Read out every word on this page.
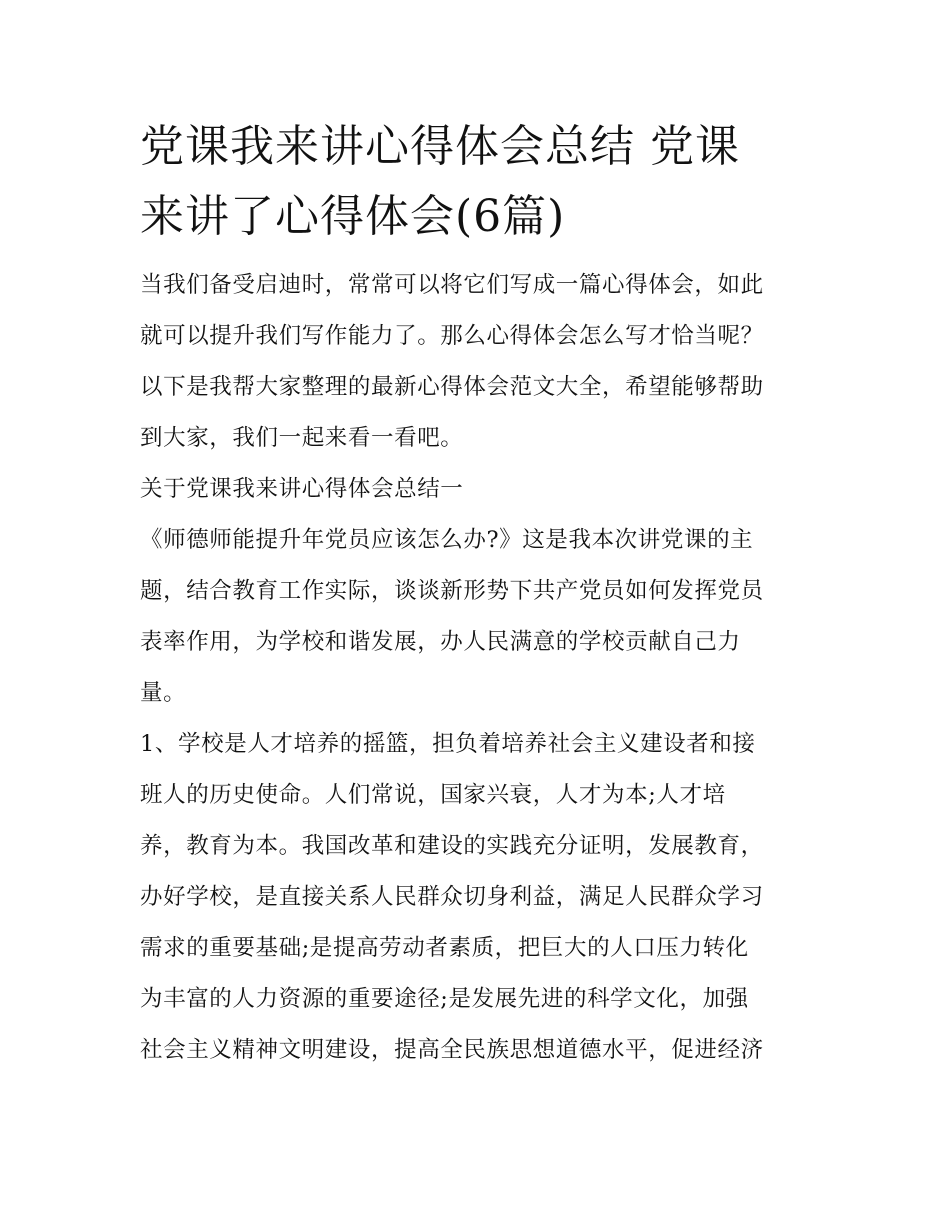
党课我来讲心得体会总结 党课
来讲了心得体会(6篇)

当我们备受启迪时，常常可以将它们写成一篇心得体会，如此
就可以提升我们写作能力了。那么心得体会怎么写才恰当呢？
以下是我帮大家整理的最新心得体会范文大全，希望能够帮助
到大家，我们一起来看一看吧。

关于党课我来讲心得体会总结一

《师德师能提升年党员应该怎么办?》这是我本次讲党课的主
题，结合教育工作实际，谈谈新形势下共产党员如何发挥党员
表率作用，为学校和谐发展，办人民满意的学校贡献自己力
量。

1、学校是人才培养的摇篮，担负着培养社会主义建设者和接
班人的历史使命。人们常说，国家兴衰，人才为本;人才培
养，教育为本。我国改革和建设的实践充分证明，发展教育，
办好学校，是直接关系人民群众切身利益，满足人民群众学习
需求的重要基础;是提高劳动者素质，把巨大的人口压力转化
为丰富的人力资源的重要途径;是发展先进的科学文化，加强
社会主义精神文明建设，提高全民族思想道德水平，促进经济
